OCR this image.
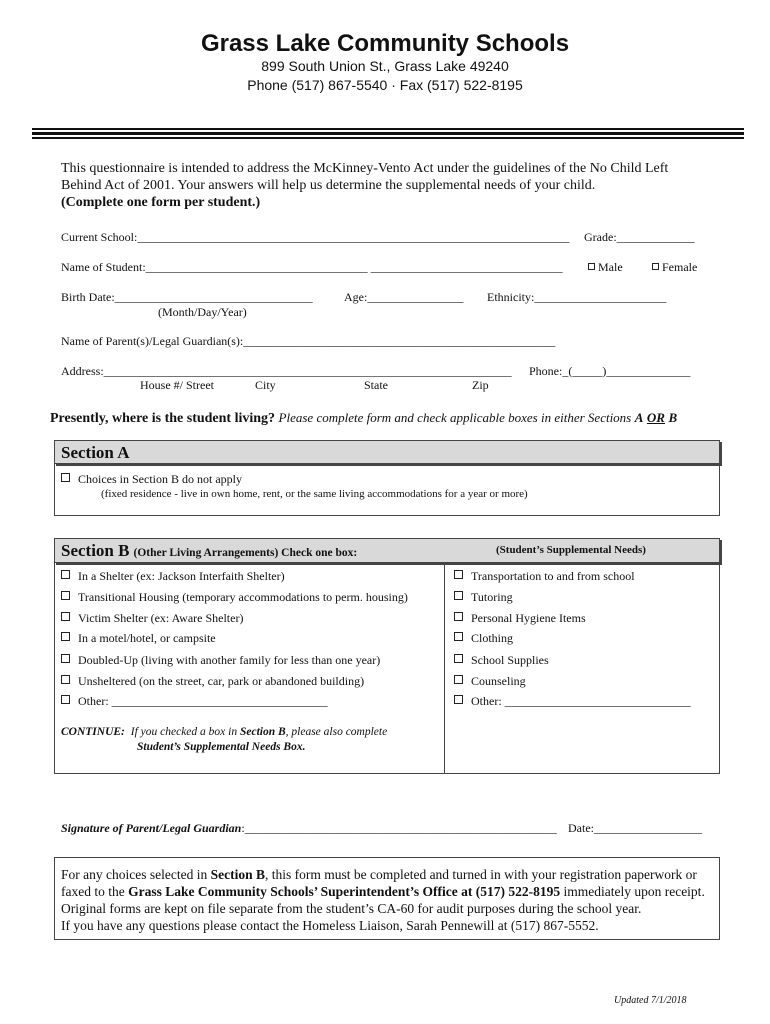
Grass Lake Community Schools
899 South Union St., Grass Lake 49240
Phone (517) 867-5540 · Fax (517) 522-8195
This questionnaire is intended to address the McKinney-Vento Act under the guidelines of the No Child Left
Behind Act of 2001. Your answers will help us determine the supplemental needs of your child.
(Complete one form per student.)
Current School:________________________________________________________________________ Grade:_____________
Name of Student:_____________________________________ ________________________________	Male	Female
Birth Date:_________________________________	Age:________________ Ethnicity:______________________
(Month/Day/Year)
Name of Parent(s)/Legal Guardian(s):____________________________________________________
Address:____________________________________________________________________ Phone:_(_____)______________
House #/ Street	City	State	Zip
Presently, where is the student living? Please complete form and check applicable boxes in either Sections A OR B
Section A
Choices in Section B do not apply
(fixed residence - live in own home, rent, or the same living accommodations for a year or more)
Section B (Other Living Arrangements) Check one box:	(Student’s Supplemental Needs)
In a Shelter (ex: Jackson Interfaith Shelter)
Transitional Housing (temporary accommodations to perm. housing)
Victim Shelter (ex: Aware Shelter)
In a motel/hotel, or campsite
Doubled-Up (living with another family for less than one year)
Unsheltered (on the street, car, park or abandoned building)
Other: ____________________________________
Transportation to and from school
Tutoring
Personal Hygiene Items
Clothing
School Supplies
Counseling
Other: _______________________________
CONTINUE: If you checked a box in Section B, please also complete
Student’s Supplemental Needs Box.
Signature of Parent/Legal Guardian:____________________________________________________ Date:__________________
For any choices selected in Section B, this form must be completed and turned in with your registration paperwork or
faxed to the Grass Lake Community Schools’ Superintendent’s Office at (517) 522-8195 immediately upon receipt.
Original forms are kept on file separate from the student’s CA-60 for audit purposes during the school year.
If you have any questions please contact the Homeless Liaison, Sarah Pennewill at (517) 867-5552.
Updated 7/1/2018
